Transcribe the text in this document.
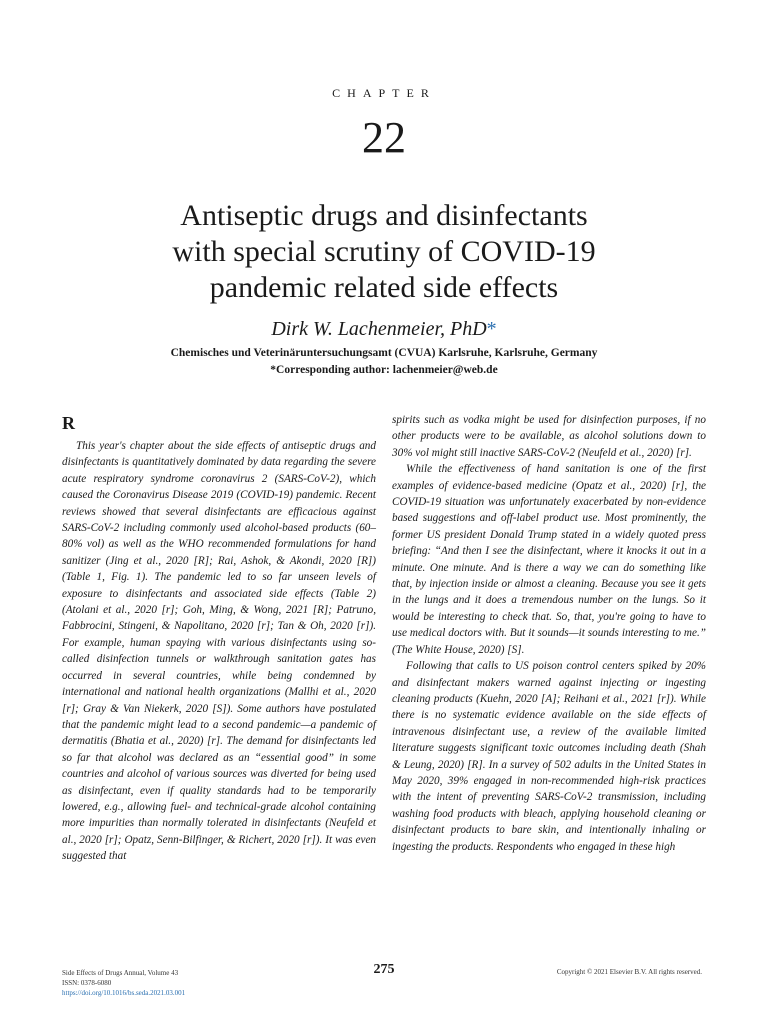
CHAPTER
22
Antiseptic drugs and disinfectants
with special scrutiny of COVID-19
pandemic related side effects
Dirk W. Lachenmeier, PhD*
Chemisches und Veterinäruntersuchungsamt (CVUA) Karlsruhe, Karlsruhe, Germany
*Corresponding author: lachenmeier@web.de
R

This year's chapter about the side effects of antiseptic drugs and disinfectants is quantitatively dominated by data regarding the severe acute respiratory syndrome coronavirus 2 (SARS-CoV-2), which caused the Coronavirus Disease 2019 (COVID-19) pandemic. Recent reviews showed that several disinfectants are efficacious against SARS-CoV-2 including commonly used alcohol-based products (60–80% vol) as well as the WHO recommended formulations for hand sanitizer (Jing et al., 2020 [R]; Rai, Ashok, & Akondi, 2020 [R]) (Table 1, Fig. 1). The pandemic led to so far unseen levels of exposure to disinfectants and associated side effects (Table 2) (Atolani et al., 2020 [r]; Goh, Ming, & Wong, 2021 [R]; Patruno, Fabbrocini, Stingeni, & Napolitano, 2020 [r]; Tan & Oh, 2020 [r]). For example, human spaying with various disinfectants using so-called disinfection tunnels or walkthrough sanitation gates has occurred in several countries, while being condemned by international and national health organizations (Mallhi et al., 2020 [r]; Gray & Van Niekerk, 2020 [S]). Some authors have postulated that the pandemic might lead to a second pandemic—a pandemic of dermatitis (Bhatia et al., 2020) [r]. The demand for disinfectants led so far that alcohol was declared as an “essential good” in some countries and alcohol of various sources was diverted for being used as disinfectant, even if quality standards had to be temporarily lowered, e.g., allowing fuel- and technical-grade alcohol containing more impurities than normally tolerated in disinfectants (Neufeld et al., 2020 [r]; Opatz, Senn-Bilfinger, & Richert, 2020 [r]). It was even suggested that

spirits such as vodka might be used for disinfection purposes, if no other products were to be available, as alcohol solutions down to 30% vol might still inactive SARS-CoV-2 (Neufeld et al., 2020) [r].

While the effectiveness of hand sanitation is one of the first examples of evidence-based medicine (Opatz et al., 2020) [r], the COVID-19 situation was unfortunately exacerbated by non-evidence based suggestions and off-label product use. Most prominently, the former US president Donald Trump stated in a widely quoted press briefing: “And then I see the disinfectant, where it knocks it out in a minute. One minute. And is there a way we can do something like that, by injection inside or almost a cleaning. Because you see it gets in the lungs and it does a tremendous number on the lungs. So it would be interesting to check that. So, that, you're going to have to use medical doctors with. But it sounds—it sounds interesting to me.” (The White House, 2020) [S].

Following that calls to US poison control centers spiked by 20% and disinfectant makers warned against injecting or ingesting cleaning products (Kuehn, 2020 [A]; Reihani et al., 2021 [r]). While there is no systematic evidence available on the side effects of intravenous disinfectant use, a review of the available limited literature suggests significant toxic outcomes including death (Shah & Leung, 2020) [R]. In a survey of 502 adults in the United States in May 2020, 39% engaged in non-recommended high-risk practices with the intent of preventing SARS-CoV-2 transmission, including washing food products with bleach, applying household cleaning or disinfectant products to bare skin, and intentionally inhaling or ingesting the products. Respondents who engaged in these high

Side Effects of Drugs Annual, Volume 43
ISSN: 0378-6080
https://doi.org/10.1016/bs.seda.2021.03.001
275	Copyright © 2021 Elsevier B.V. All rights reserved.
